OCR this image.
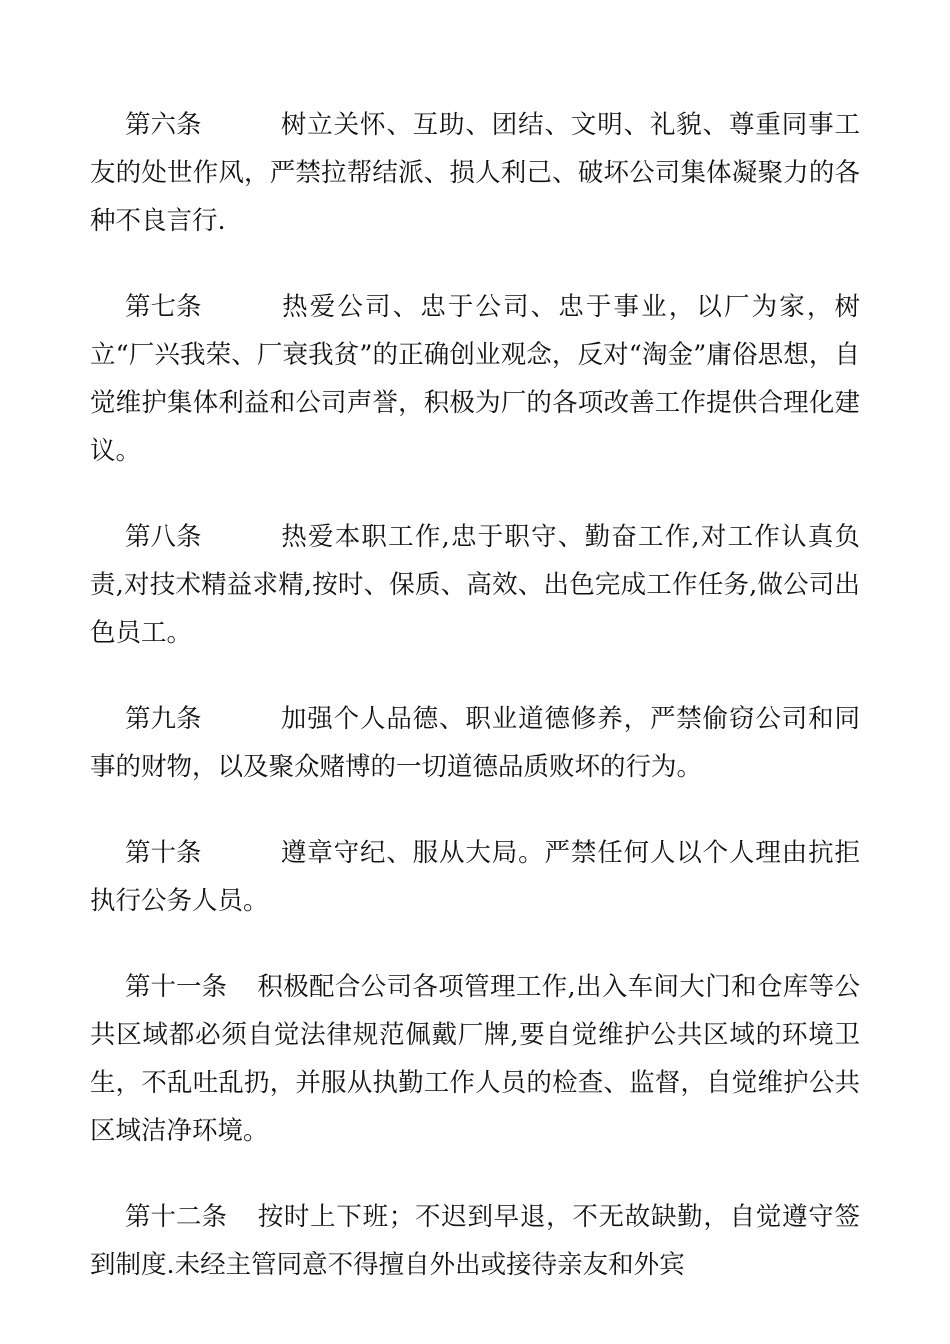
第六条	树立关怀、互助、团结、文明、礼貌、尊重同事工友的处世作风，严禁拉帮结派、损人利己、破坏公司集体凝聚力的各种不良言行.

第七条	热爱公司、忠于公司、忠于事业，以厂为家，树立“厂兴我荣、厂衰我贫”的正确创业观念，反对“淘金”庸俗思想，自觉维护集体利益和公司声誉，积极为厂的各项改善工作提供合理化建议。

第八条	热爱本职工作,忠于职守、勤奋工作,对工作认真负责,对技术精益求精,按时、保质、高效、出色完成工作任务,做公司出色员工。

第九条	加强个人品德、职业道德修养，严禁偷窃公司和同事的财物，以及聚众赌博的一切道德品质败坏的行为。

第十条	遵章守纪、服从大局。严禁任何人以个人理由抗拒执行公务人员。

第十一条 积极配合公司各项管理工作,出入车间大门和仓库等公共区域都必须自觉法律规范佩戴厂牌,要自觉维护公共区域的环境卫生，不乱吐乱扔，并服从执勤工作人员的检查、监督，自觉维护公共区域洁净环境。

第十二条 按时上下班；不迟到早退，不无故缺勤，自觉遵守签到制度.未经主管同意不得擅自外出或接待亲友和外宾
